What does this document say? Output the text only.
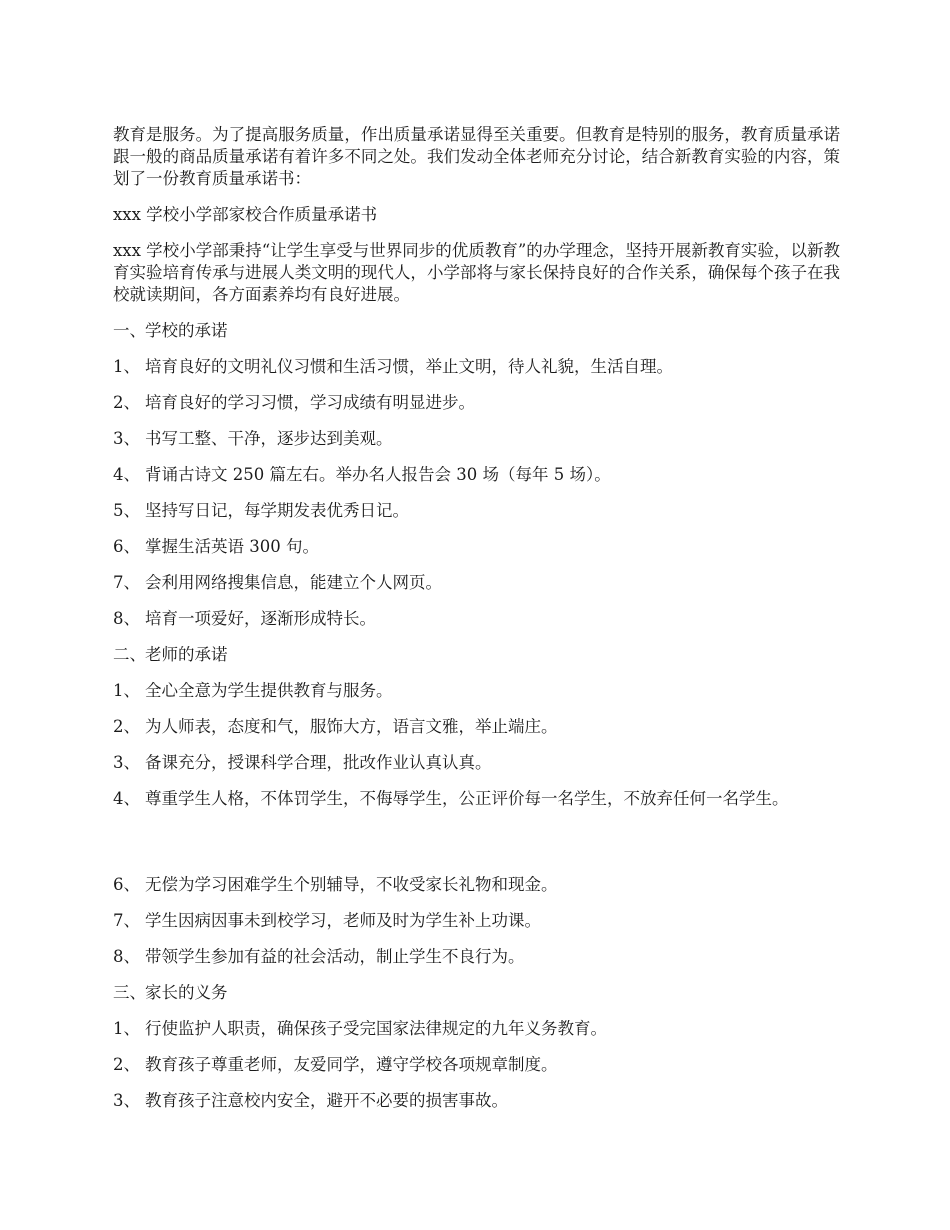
教育是服务。为了提高服务质量，作出质量承诺显得至关重要。但教育是特别的服务，教育质量承诺跟一般的商品质量承诺有着许多不同之处。我们发动全体老师充分讨论，结合新教育实验的内容，策划了一份教育质量承诺书：

xxx 学校小学部家校合作质量承诺书

xxx 学校小学部秉持“让学生享受与世界同步的优质教育”的办学理念，坚持开展新教育实验，以新教育实验培育传承与进展人类文明的现代人，小学部将与家长保持良好的合作关系，确保每个孩子在我校就读期间，各方面素养均有良好进展。

一、学校的承诺

1、 培育良好的文明礼仪习惯和生活习惯，举止文明，待人礼貌，生活自理。

2、 培育良好的学习习惯，学习成绩有明显进步。

3、 书写工整、干净，逐步达到美观。

4、 背诵古诗文 250 篇左右。举办名人报告会 30 场（每年 5 场）。

5、 坚持写日记，每学期发表优秀日记。

6、 掌握生活英语 300 句。

7、 会利用网络搜集信息，能建立个人网页。

8、 培育一项爱好，逐渐形成特长。

二、老师的承诺

1、 全心全意为学生提供教育与服务。

2、 为人师表，态度和气，服饰大方，语言文雅，举止端庄。

3、 备课充分，授课科学合理，批改作业认真认真。

4、 尊重学生人格，不体罚学生，不侮辱学生，公正评价每一名学生，不放弃任何一名学生。

6、 无偿为学习困难学生个别辅导，不收受家长礼物和现金。

7、 学生因病因事未到校学习，老师及时为学生补上功课。

8、 带领学生参加有益的社会活动，制止学生不良行为。

三、家长的义务

1、 行使监护人职责，确保孩子受完国家法律规定的九年义务教育。

2、 教育孩子尊重老师，友爱同学，遵守学校各项规章制度。

3、 教育孩子注意校内安全，避开不必要的损害事故。
